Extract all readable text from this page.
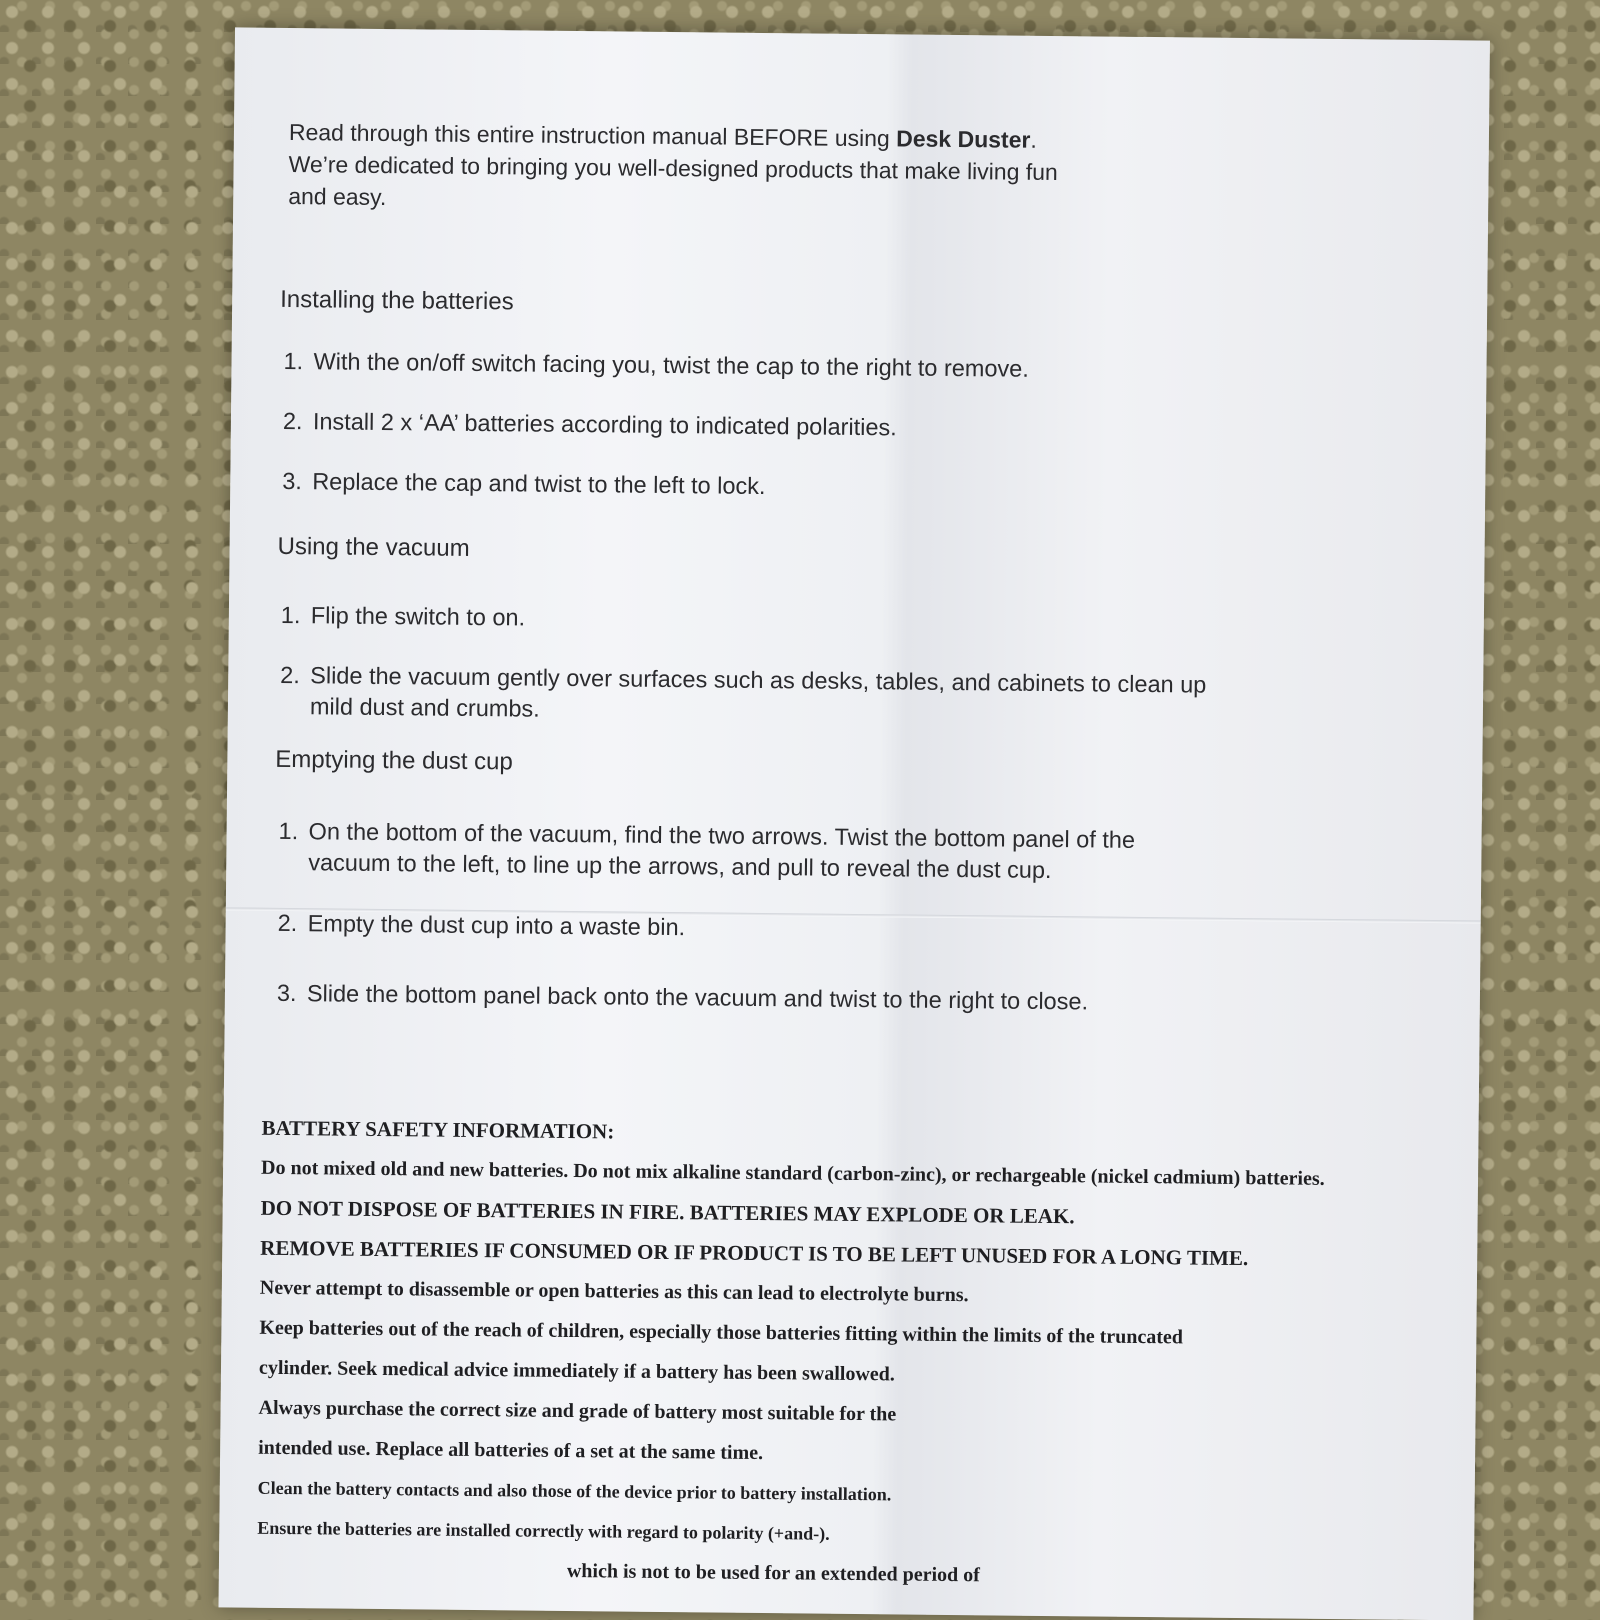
Read through this entire instruction manual BEFORE using Desk Duster.
We’re dedicated to bringing you well-designed products that make living fun
and easy.
Installing the batteries
1. With the on/off switch facing you, twist the cap to the right to remove.
2. Install 2 x ‘AA’ batteries according to indicated polarities.
3. Replace the cap and twist to the left to lock.
Using the vacuum
1. Flip the switch to on.
2. Slide the vacuum gently over surfaces such as desks, tables, and cabinets to clean up
mild dust and crumbs.
Emptying the dust cup
1. On the bottom of the vacuum, find the two arrows. Twist the bottom panel of the
vacuum to the left, to line up the arrows, and pull to reveal the dust cup.
2. Empty the dust cup into a waste bin.
3. Slide the bottom panel back onto the vacuum and twist to the right to close.
BATTERY SAFETY INFORMATION:
Do not mixed old and new batteries. Do not mix alkaline standard (carbon-zinc), or rechargeable (nickel cadmium) batteries.
DO NOT DISPOSE OF BATTERIES IN FIRE. BATTERIES MAY EXPLODE OR LEAK.
REMOVE BATTERIES IF CONSUMED OR IF PRODUCT IS TO BE LEFT UNUSED FOR A LONG TIME.
Never attempt to disassemble or open batteries as this can lead to electrolyte burns.
Keep batteries out of the reach of children, especially those batteries fitting within the limits of the truncated
cylinder. Seek medical advice immediately if a battery has been swallowed.
Always purchase the correct size and grade of battery most suitable for the
intended use. Replace all batteries of a set at the same time.
Clean the battery contacts and also those of the device prior to battery installation.
Ensure the batteries are installed correctly with regard to polarity (+and-).
which is not to be used for an extended period of
